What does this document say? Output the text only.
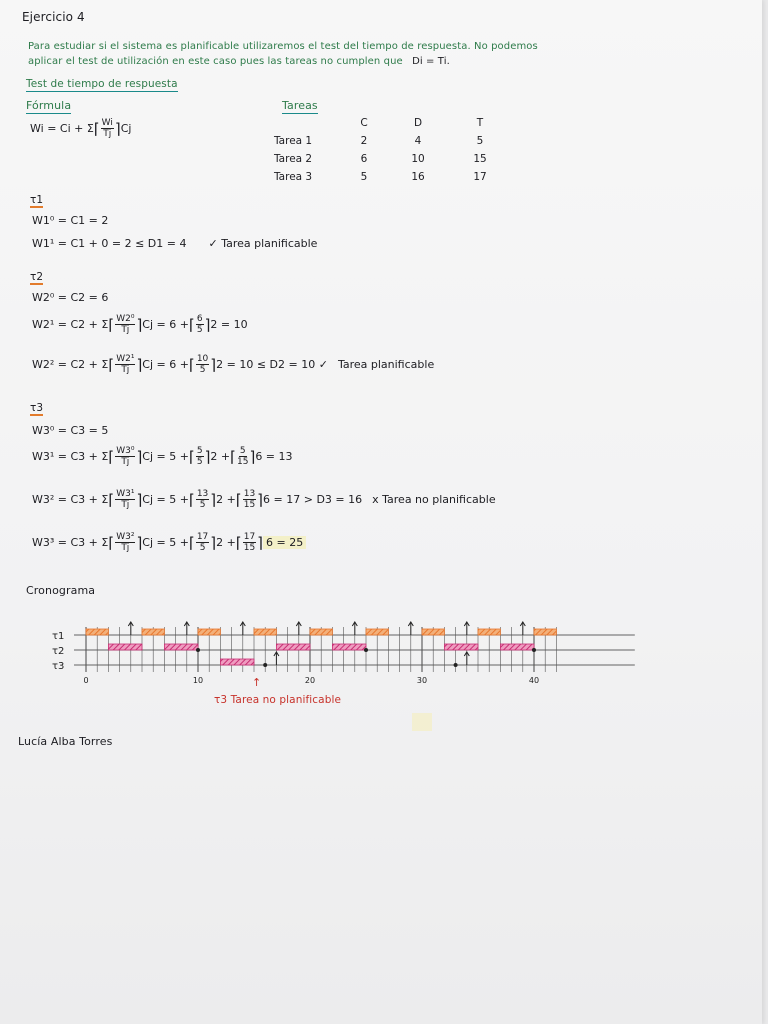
Ejercicio 4
Para estudiar si el sistema es planificable utilizaremos el test del tiempo de respuesta. No podemos
aplicar el test de utilización en este caso pues las tareas no cumplen que Di = Ti.
Test de tiempo de respuesta
Fórmula
Wi = Ci + Σ ⌈ $\frac{Wi}{Tj}$ ⌉ Cj
Tareas
	C	D	T
Tarea 1	2	4	5
Tarea 2	6	10	15
Tarea 3	5	16	17
τ1
W1⁰ = C1 = 2
W1¹ = C1 + 0 = 2 ≤ D1 = 4 ✓ Tarea planificable
τ2
W2⁰ = C2 = 6
W2¹ = C2 + Σ ⌈ $\frac{\text{W2⁰}}{Tj}$ ⌉ Cj = 6 + ⌈ $\frac{6}{5}$ ⌉ 2 = 10
W2² = C2 + Σ ⌈ $\frac{\text{W2¹}}{Tj}$ ⌉ Cj = 6 + ⌈ $\frac{10}{5}$ ⌉ 2 = 10 ≤ D2 = 10 ✓ Tarea planificable
τ3
W3⁰ = C3 = 5
W3¹ = C3 + Σ ⌈ $\frac{\text{W3⁰}}{Tj}$ ⌉ Cj = 5 + ⌈ $\frac{5}{5}$ ⌉ 2 + ⌈ $\frac{5}{15}$ ⌉ 6 = 13
W3² = C3 + Σ ⌈ $\frac{\text{W3¹}}{Tj}$ ⌉ Cj = 5 + ⌈ $\frac{13}{5}$ ⌉ 2 + ⌈ $\frac{13}{15}$ ⌉ 6 = 17 > D3 = 16 x Tarea no planificable
W3³ = C3 + Σ ⌈ $\frac{\text{W3²}}{Tj}$ ⌉ Cj = 5 + ⌈ $\frac{17}{5}$ ⌉ 2 + ⌈ $\frac{17}{15}$ ⌉ 6 = 25
Cronograma
τ1
τ2
τ3
0	10	20	30	40
↑
τ3 Tarea no planificable
Lucía Alba Torres
